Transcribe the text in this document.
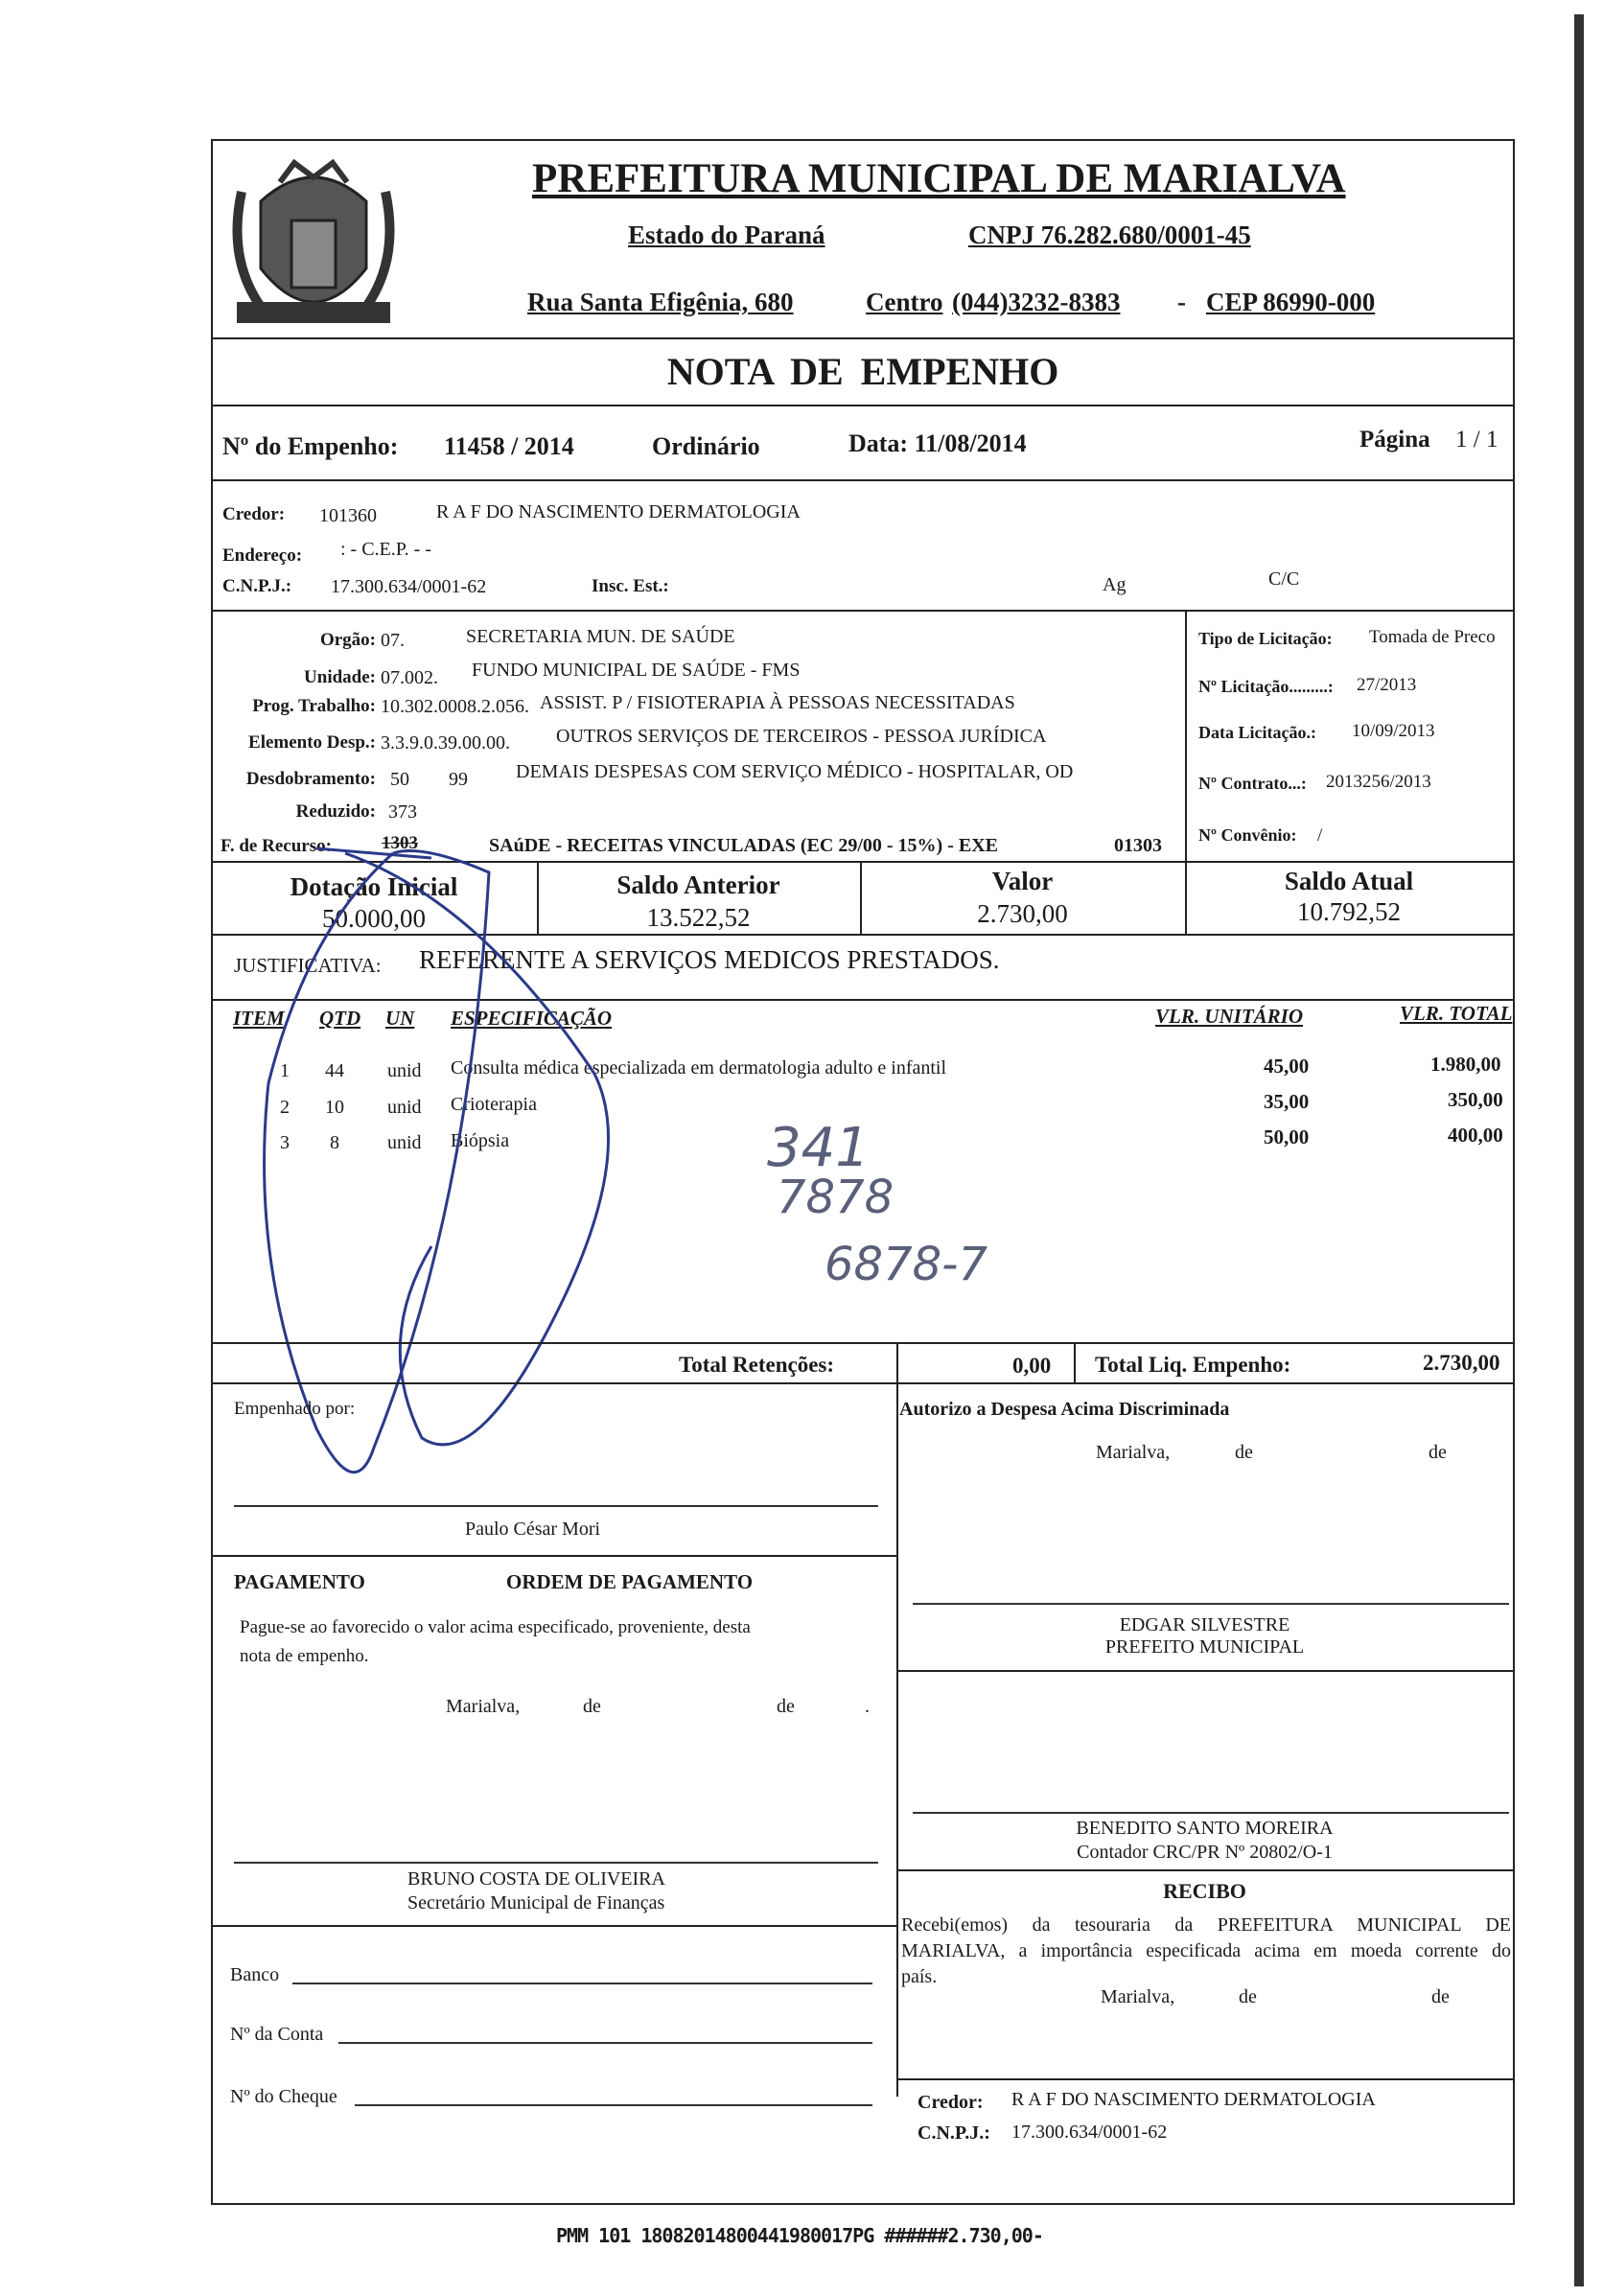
PREFEITURA MUNICIPAL DE MARIALVA
Estado do Paraná	CNPJ 76.282.680/0001-45
Rua Santa Efigênia, 680	Centro (044)3232-8383 - CEP 86990-000
NOTA DE EMPENHO
Nº do Empenho: 11458 / 2014	Ordinário	Data: 11/08/2014	Página 1 / 1
Credor: 101360	R A F DO NASCIMENTO DERMATOLOGIA
Endereço: : - C.E.P. - -
C.N.P.J.: 17.300.634/0001-62	Insc. Est.:	Ag	C/C
Orgão: 07.	SECRETARIA MUN. DE SAÚDE
Unidade: 07.002. FUNDO MUNICIPAL DE SAÚDE - FMS
Prog. Trabalho: 10.302.0008.2.056. ASSIST. P / FISIOTERAPIA À PESSOAS NECESSITADAS
Elemento Desp.: 3.3.9.0.39.00.00. OUTROS SERVIÇOS DE TERCEIROS - PESSOA JURÍDICA
Desdobramento: 50 99	DEMAIS DESPESAS COM SERVIÇO MÉDICO - HOSPITALAR, OD
Reduzido: 373
F. de Recurso:	1303	SAúDE - RECEITAS VINCULADAS (EC 29/00 - 15%) - EXE	01303
Tipo de Licitação: Tomada de Preco
Nº Licitação.........: 27/2013
Data Licitação.: 10/09/2013
Nº Contrato...: 2013256/2013
Nº Convênio: /
Dotação Inicial
50.000,00
Saldo Anterior
13.522,52
Valor
2.730,00
Saldo Atual
10.792,52
JUSTIFICATIVA: REFERENTE A SERVIÇOS MEDICOS PRESTADOS.
ITEM QTD UN ESPECIFICAÇÃO	VLR. UNITÁRIO	VLR. TOTAL
1 44 unid Consulta médica especializada em dermatologia adulto e infantil	45,00	1.980,00
2 10 unid Crioterapia	35,00	350,00
3 8	unid Biópsia	50,00	400,00
341
7878
6878-7
Total Retenções:	0,00 Total Liq. Empenho:	2.730,00
Empenhado por:
Paulo César Mori
Autorizo a Despesa Acima Discriminada
Marialva,	de	de
PAGAMENTO	ORDEM DE PAGAMENTO
Pague-se ao favorecido o valor acima especificado, proveniente, desta
nota de empenho.
Marialva,	de	de	.
EDGAR SILVESTRE
PREFEITO MUNICIPAL
BENEDITO SANTO MOREIRA
Contador CRC/PR Nº 20802/O-1
BRUNO COSTA DE OLIVEIRA
Secretário Municipal de Finanças	RECIBO
Recebi(emos) da tesouraria da PREFEITURA MUNICIPAL DE
MARIALVA, a importância especificada acima em moeda corrente do
país.
Marialva,	de	de
Banco
Nº da Conta
Nº do Cheque	Credor: R A F DO NASCIMENTO DERMATOLOGIA
C.N.P.J.: 17.300.634/0001-62
PMM 101 18082014800441980017PG ######2.730,00-
